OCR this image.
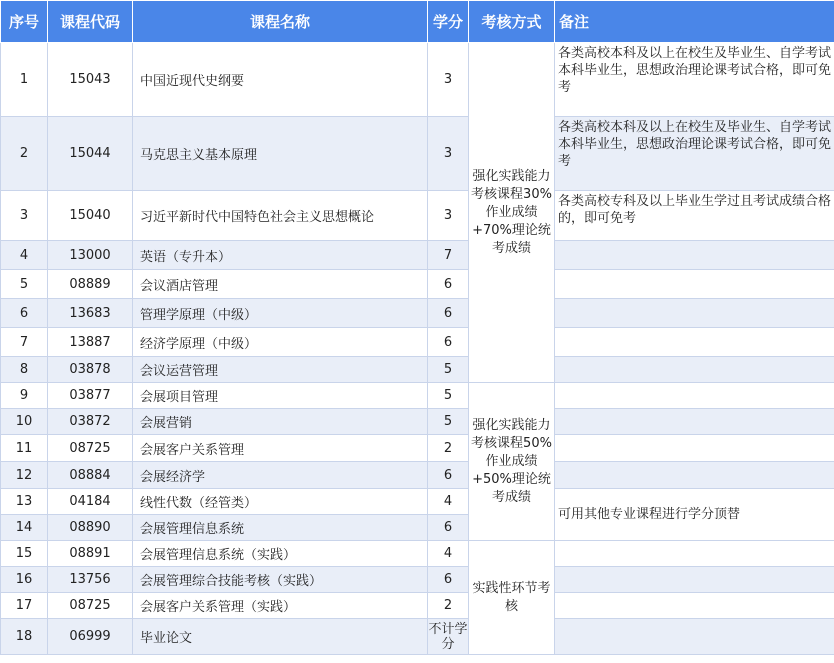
序号	课程代码	课程名称	学分	考核方式	备注
1	15043	中国近现代史纲要	3	强化实践能力考核课程30%作业成绩+70%理论统考成绩	各类高校本科及以上在校生及毕业生、自学考试本科毕业生，思想政治理论课考试合格，即可免考
2	15044	马克思主义基本原理	3		各类高校本科及以上在校生及毕业生、自学考试本科毕业生，思想政治理论课考试合格，即可免考
3	15040	习近平新时代中国特色社会主义思想概论	3		各类高校专科及以上毕业生学过且考试成绩合格的，即可免考
4	13000	英语（专升本）	7		
5	08889	会议酒店管理	6		
6	13683	管理学原理（中级）	6		
7	13887	经济学原理（中级）	6		
8	03878	会议运营管理	5		
9	03877	会展项目管理	5	强化实践能力考核课程50%作业成绩+50%理论统考成绩	
10	03872	会展营销	5		
11	08725	会展客户关系管理	2		
12	08884	会展经济学	6		
13	04184	线性代数（经管类）	4		可用其他专业课程进行学分顶替
14	08890	会展管理信息系统	6		
15	08891	会展管理信息系统（实践）	4	实践性环节考核	
16	13756	会展管理综合技能考核（实践）	6		
17	08725	会展客户关系管理（实践）	2		
18	06999	毕业论文	不计学分		
